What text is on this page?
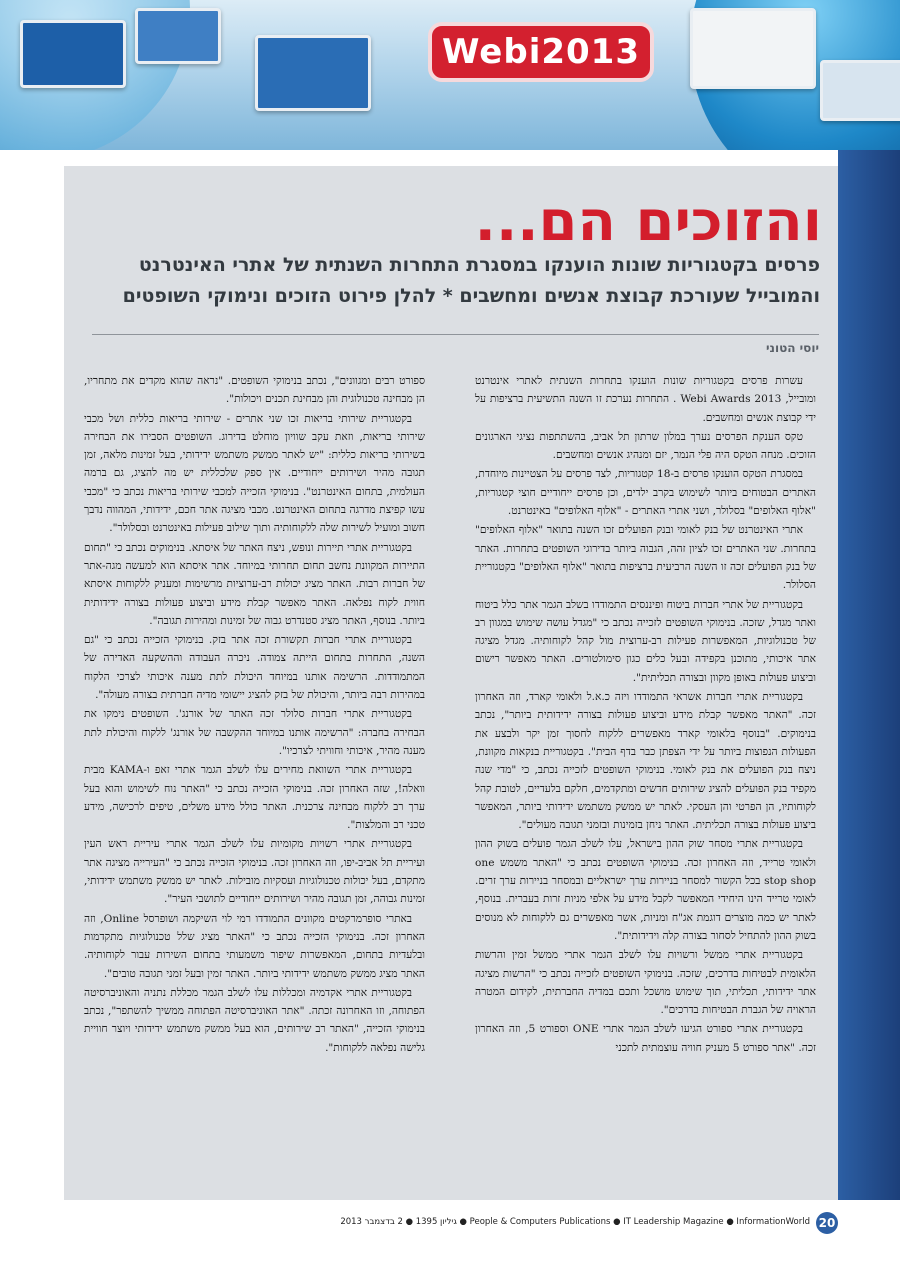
Webi2013
והזוכים הם...
פרסים בקטגוריות שונות הוענקו במסגרת התחרות השנתית של אתרי האינטרנט
והמובייל שעורכת קבוצת אנשים ומחשבים * להלן פירוט הזוכים ונימוקי השופטים
יוסי הטוני

עשרות פרסים בקטגוריות שונות הוענקו בתחרות השנתית לאתרי אינטרנט ומובייל, Webi Awards 2013 . התחרות נערכת זו השנה התשיעית ברציפות על ידי קבוצת אנשים ומחשבים.

טקס הענקת הפרסים נערך במלון שרתון תל אביב, בהשתתפות נציגי הארגונים הזוכים. מנחה הטקס היה פלי הנמר, יזם ומנהיג אנשים ומחשבים.

במסגרת הטקס הוענקו פרסים ב-18 קטגוריות, לצד פרסים על הצטיינות מיוחדת, האתרים הבטוחים ביותר לשימוש בקרב ילדים, וכן פרסים ייחודיים חוצי קטגוריות, "אלוף האלופים" בסלולר, ושני אתרי האתרים - "אלוף האלופים" באינטרנט.

אתרי האינטרנט של בנק לאומי ובנק הפועלים זכו השנה בתואר "אלוף האלופים" בתחרות. שני האתרים זכו לציון זהה, הגבוה ביותר בדירוגי השופטים בתחרות. האתר של בנק הפועלים זכה זו השנה הרביעית ברציפות בתואר "אלוף האלופים" בקטגוריית הסלולר.

בקטגוריית של אתרי חברות ביטוח ופיננסים התמודדו בשלב הגמר אתר כלל ביטוח ואתר מגדל, שזכה. בנימוקי השופטים לזכייה נכתב כי "מגדל עושה שימוש במגוון רב של טכנולוגיות, המאפשרות פעילות רב-ערוצית מול קהל לקוחותיה. מגדל מציגה אתר איכותי, מתוכנן בקפידה ובעל כלים כגון סימולטורים. האתר מאפשר רישום וביצוע פעולות באופן מקוון ובצורה תכליתית".

בקטגוריית אתרי חברות אשראי התמודדו ויזה כ.א.ל ולאומי קארד, וזה האחרון זכה. "האתר מאפשר קבלת מידע וביצוע פעולות בצורה ידידותית ביותר", נכתב בנימוקים. "בנוסף בלאומי קארד מאפשרים ללקוח לחסוך זמן יקר ולבצע את הפעולות הנפוצות ביותר על ידי הצפתן כבר בדף הבית". בקטגוריית בנקאות מקוונת, ניצח בנק הפועלים את בנק לאומי. בנימוקי השופטים לזכייה נכתב, כי "מדי שנה מקפיד בנק הפועלים להציג שירותים חדשים ומתקדמים, חלקם בלעדיים, לטובת קהל לקוחותיו, הן הפרטי והן העסקי. לאתר יש ממשק משתמש ידידותי ביותר, המאפשר ביצוע פעולות בצורה תכליתית. האתר ניחן בזמינות ובזמני תגובה מעולים".

בקטגוריית אתרי מסחר שוק ההון בישראל, עלו לשלב הגמר פועלים בשוק ההון ולאומי טרייד, וזה האחרון זכה. בנימוקי השופטים נכתב כי "האתר משמש one stop shop בכל הקשור למסחר בניירות ערך ישראליים ובמסחר בניירות ערך זרים. לאומי טרייד הינו היחידי המאפשר לקבל מידע על אלפי מניות זרות בעברית. בנוסף, לאתר יש כמה מוצרים דוגמת אג"ח ומניות, אשר מאפשרים גם ללקוחות לא מנוסים בשוק ההון להתחיל לסחור בצורה קלה וידידותית".

בקטגוריית אתרי ממשל ורשויות עלו לשלב הגמר אתרי ממשל זמין והרשות הלאומית לבטיחות בדרכים, שזכה. בנימוקי השופטים לזכייה נכתב כי "הרשות מציגה אתר ידידותי, תכליתי, תוך שימוש מושכל ותכם במדיה החברתית, לקידום המטרה הראויה של הגברת הבטיחות בדרכים".

בקטגוריית אתרי ספורט הגיעו לשלב הגמר אתרי ONE וספורט 5, וזה האחרון זכה. "אתר ספורט 5 מעניק חוויה עוצמתית לתכני

ספורט רבים ומגוונים", נכתב בנימוקי השופטים. "נראה שהוא מקדים את מתחריו, הן מבחינה טכנולוגית והן מבחינת תכנים ויכולות".

בקטגוריית שירותי בריאות זכו שני אתרים - שירותי בריאות כללית ושל מכבי שירותי בריאות, וזאת עקב שוויון מוחלט בדירוג. השופטים הסבירו את הבחירה בשירותי בריאות כללית: "יש לאתר ממשק משתמש ידידותי, בעל זמינות מלאה, זמן תגובה מהיר ושירותים ייחודיים. אין ספק שלכללית יש מה להציג, גם ברמה העולמית, בתחום האינטרנט". בנימוקי הזכייה למכבי שירותי בריאות נכתב כי "מכבי עשו קפיצת מדרגה בתחום האינטרנט. מכבי מציגה אתר חכם, ידידותי, המהווה נדבך חשוב ומועיל לשירות שלה ללקוחותיה ותוך שילוב פעילות באינטרנט ובסלולר".

בקטגוריית אתרי תיירות ונופש, ניצח האתר של איסתא. בנימוקים נכתב כי "תחום התיירות המקוונת נחשב תחום תחרותי במיוחד. אתר איסתא הוא למעשה מגה-אתר של חברות רבות. האתר מציג יכולות רב-ערוציות מרשימות ומעניק ללקוחות איסתא חווית לקוח נפלאה. האתר מאפשר קבלת מידע וביצוע פעולות בצורה ידידותית ביותר. בנוסף, האתר מציג סטנדרט גבוה של זמינות ומהירות תגובה".

בקטגוריית אתרי חברות תקשורת זכה אתר בזק. בנימוקי הזכייה נכתב כי "גם השנה, התחרות בתחום הייתה צמודה. ניכרה העבודה וההשקעה האדירה של המתמודדות. הרשימה אותנו במיוחד היכולת לתת מענה איכותי לצרכי הלקוח במהירות רבה ביותר, והיכולת של בזק להציג יישומי מדיה חברתית בצורה מעולה".

בקטגוריית אתרי חברות סלולר זכה האתר של אורנג'. השופטים נימקו את הבחירה בחברה: "הרשימה אותנו במיוחד ההקשבה של אורנג' ללקוח והיכולת לתת מענה מהיר, איכותי וחוויתי לצרכיו".

בקטגוריית אתרי השוואת מחירים עלו לשלב הגמר אתרי זאפ ו-KAMA מבית וואלה!, שזה האחרון זכה. בנימוקי הזכייה נכתב כי "האתר נוח לשימוש והוא בעל ערך רב ללקוח מבחינה צרכנית. האתר כולל מידע משלים, טיפים לרכישה, מידע טכני רב והמלצות".

בקטגוריית אתרי רשויות מקומיות עלו לשלב הגמר אתרי עיריית ראש העין ועיריית תל אביב-יפו, וזה האחרון זכה. בנימוקי הזכייה נכתב כי "העירייה מציגה אתר מתקדם, בעל יכולות טכנולוגיות ועסקיות מובילות. לאתר יש ממשק משתמש ידידותי, זמינות גבוהה, זמן תגובה מהיר ושירותים ייחודיים לתושבי העיר".

באתרי סופרמרקטים מקוונים התמודדו רמי לוי השיקמה ושופרסל Online, וזה האחרון זכה. בנימוקי הזכייה נכתב כי "האתר מציג שלל טכנולוגיות מתקדמות ובלעדיות בתחום, המאפשרות שיפור משמעותי בתחום השירות עבור לקוחותיה. האתר מציג ממשק משתמש ידידותי ביותר. האתר זמין ובעל זמני תגובה טובים".

בקטגוריית אתרי אקדמיה ומכללות עלו לשלב הגמר מכללת נתניה והאוניברסיטה הפתוחה, וזו האחרונה זכתה. "אתר האוניברסיטה הפתוחה ממשיך להשתפר", נכתב בנימוקי הזכייה, "האתר רב שירותים, הוא בעל ממשק משתמש ידידותי ויוצר חוויית גלישה נפלאה ללקוחות".

People & Computers Publications ● IT Leadership Magazine ● InformationWorld ● גיליון 1395 ● 2 בדצמבר 2013 20
